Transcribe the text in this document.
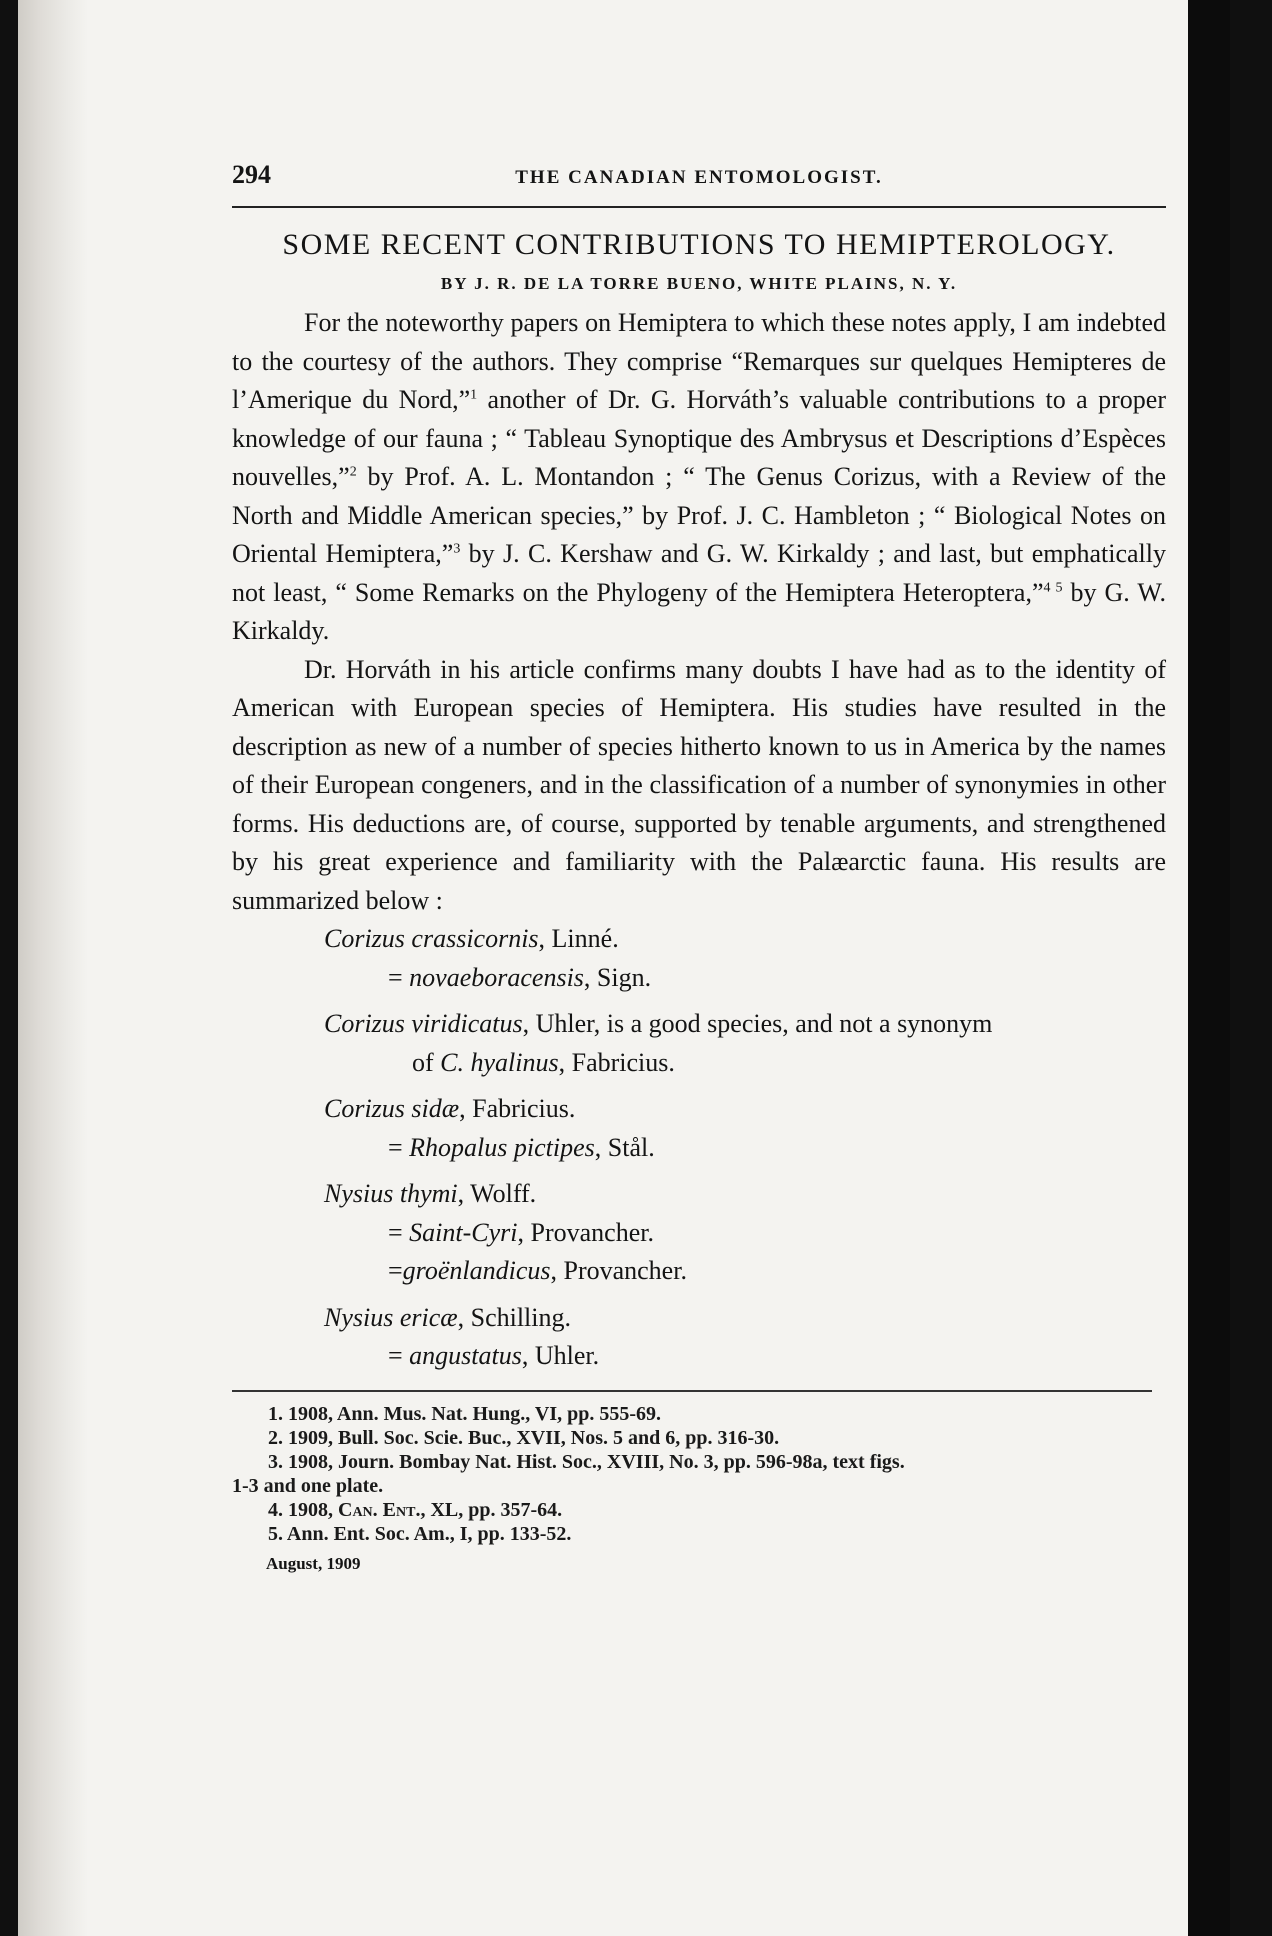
294	THE CANADIAN ENTOMOLOGIST.
SOME RECENT CONTRIBUTIONS TO HEMIPTEROLOGY.
BY J. R. DE LA TORRE BUENO, WHITE PLAINS, N. Y.

For the noteworthy papers on Hemiptera to which these notes apply, I am indebted to the courtesy of the authors. They comprise “Remarques sur quelques Hemipteres de l’Amerique du Nord,”$^1$ another of Dr. G. Horváth’s valuable contributions to a proper knowledge of our fauna ; “ Tableau Synoptique des Ambrysus et Descriptions d’Espèces nouvelles,”$^2$ by Prof. A. L. Montandon ; “ The Genus Corizus, with a Review of the North and Middle American species,” by Prof. J. C. Hambleton ; “ Biological Notes on Oriental Hemiptera,”$^3$ by J. C. Kershaw and G. W. Kirkaldy ; and last, but emphatically not least, “ Some Remarks on the Phylogeny of the Hemiptera Heteroptera,”$^{4 5}$ by G. W. Kirkaldy.

Dr. Horváth in his article confirms many doubts I have had as to the identity of American with European species of Hemiptera. His studies have resulted in the description as new of a number of species hitherto known to us in America by the names of their European congeners, and in the classification of a number of synonymies in other forms. His deductions are, of course, supported by tenable arguments, and strengthened by his great experience and familiarity with the Palæarctic fauna. His results are summarized below :

Corizus crassicornis, Linné.
= novaeboracensis, Sign.
Corizus viridicatus, Uhler, is a good species, and not a synonym
of C. hyalinus, Fabricius.
Corizus sidæ, Fabricius.
= Rhopalus pictipes, Stål.
Nysius thymi, Wolff.
= Saint-Cyri, Provancher.
=groënlandicus, Provancher.
Nysius ericæ, Schilling.
= angustatus, Uhler.
1. 1908, Ann. Mus. Nat. Hung., VI, pp. 555-69.
2. 1909, Bull. Soc. Scie. Buc., XVII, Nos. 5 and 6, pp. 316-30.
3. 1908, Journ. Bombay Nat. Hist. Soc., XVIII, No. 3, pp. 596-98a, text figs.
1-3 and one plate.
4. 1908, Can. Ent., XL, pp. 357-64.
5. Ann. Ent. Soc. Am., I, pp. 133-52.
August, 1909
